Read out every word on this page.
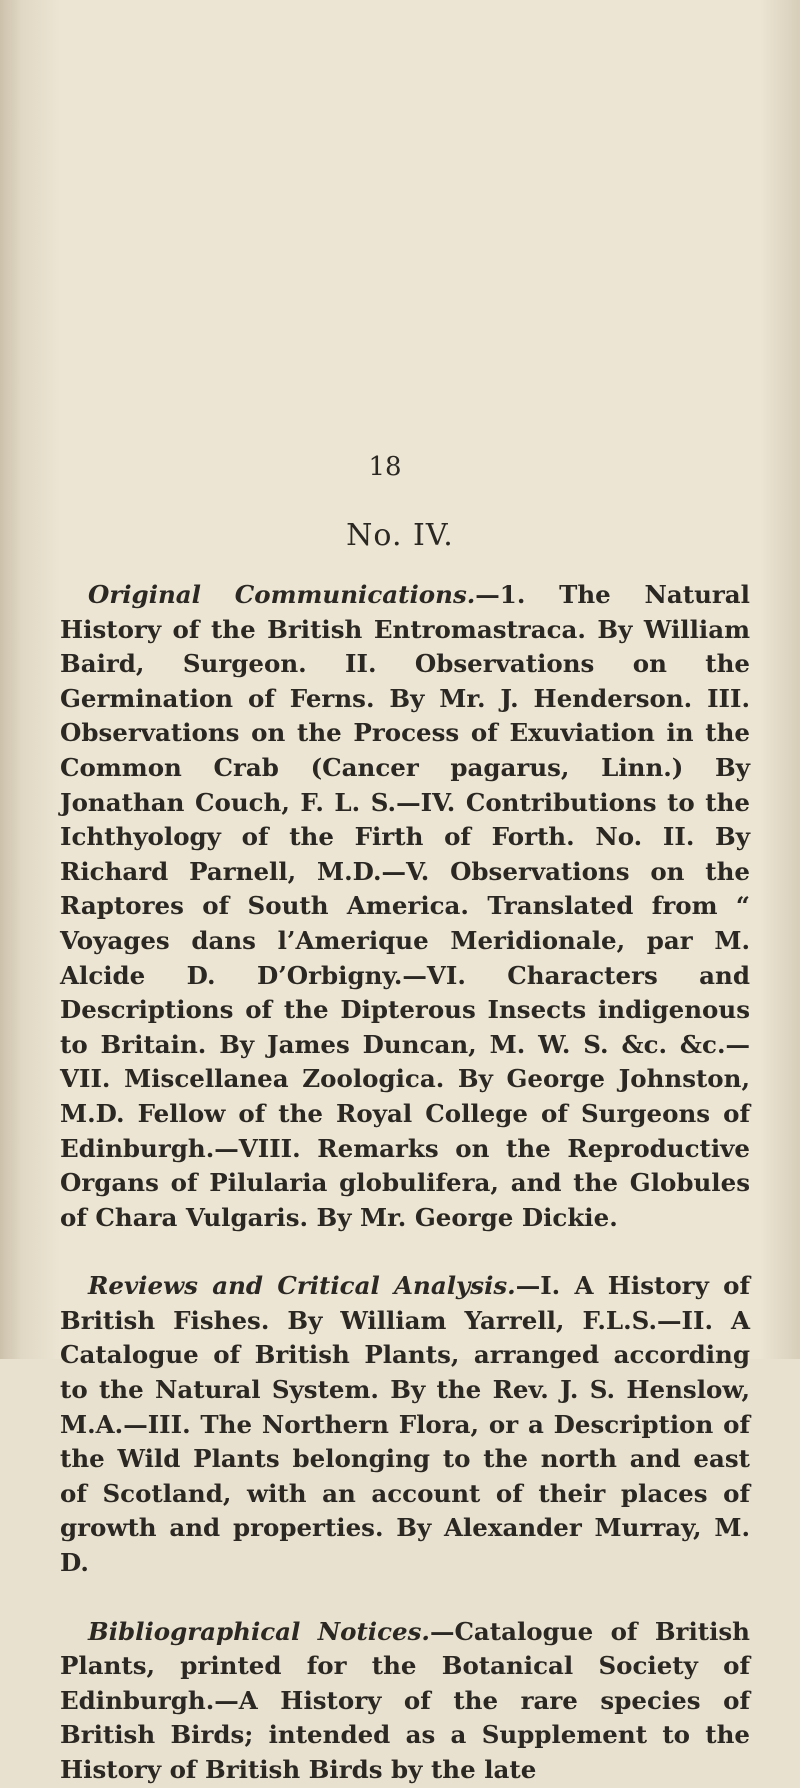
18

No. IV.

Original Communications.—1. The Natural History of the British Entromastraca. By William Baird, Surgeon. II. Observations on the Germination of Ferns. By Mr. J. Henderson. III. Observations on the Process of Exuviation in the Common Crab (Cancer pagarus, Linn.) By Jonathan Couch, F. L. S.—IV. Contributions to the Ichthyology of the Firth of Forth. No. II. By Richard Parnell, M.D.—V. Observations on the Raptores of South America. Translated from “ Voyages dans l’Amerique Meridionale, par M. Alcide D. D’Orbigny.—VI. Characters and Descriptions of the Dipterous Insects indigenous to Britain. By James Duncan, M. W. S. &c. &c.—VII. Miscellanea Zoologica. By George Johnston, M.D. Fellow of the Royal College of Surgeons of Edinburgh.—VIII. Remarks on the Reproductive Organs of Pilularia globulifera, and the Globules of Chara Vulgaris. By Mr. George Dickie.

Reviews and Critical Analysis.—I. A History of British Fishes. By William Yarrell, F.L.S.—II. A Catalogue of British Plants, arranged according to the Natural System. By the Rev. J. S. Henslow, M.A.—III. The Northern Flora, or a Description of the Wild Plants belonging to the north and east of Scotland, with an account of their places of growth and properties. By Alexander Murray, M. D.

Bibliographical Notices.—Catalogue of British Plants, printed for the Botanical Society of Edinburgh.—A History of the rare species of British Birds; intended as a Supplement to the History of British Birds by the late
